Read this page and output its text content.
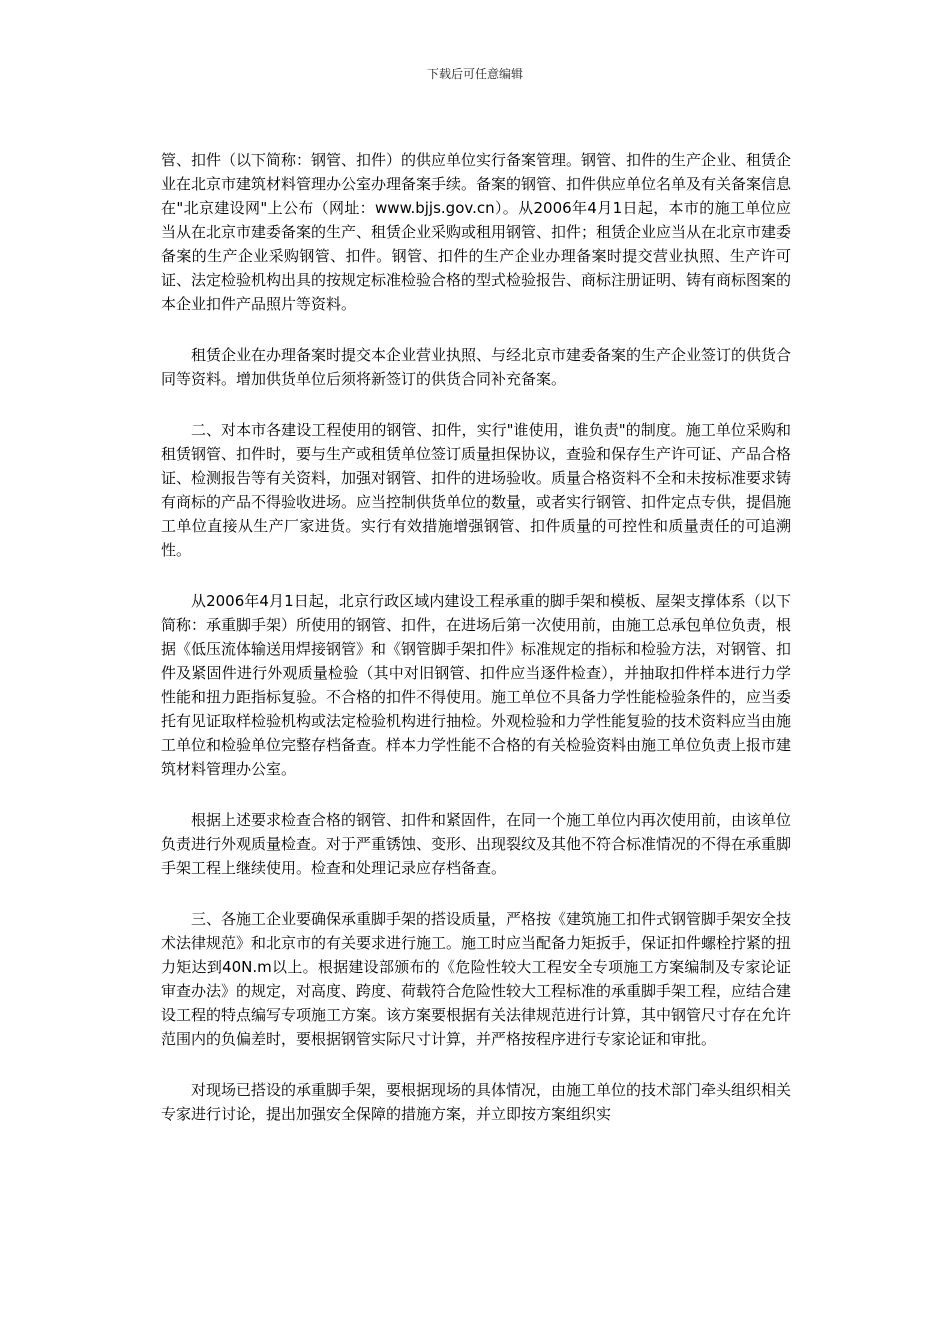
下载后可任意编辑

管、扣件（以下简称：钢管、扣件）的供应单位实行备案管理。钢管、扣件的生产企业、租赁企业在北京市建筑材料管理办公室办理备案手续。备案的钢管、扣件供应单位名单及有关备案信息在"北京建设网"上公布（网址：www.bjjs.gov.cn）。从2006年4月1日起，本市的施工单位应当从在北京市建委备案的生产、租赁企业采购或租用钢管、扣件；租赁企业应当从在北京市建委备案的生产企业采购钢管、扣件。钢管、扣件的生产企业办理备案时提交营业执照、生产许可证、法定检验机构出具的按规定标准检验合格的型式检验报告、商标注册证明、铸有商标图案的本企业扣件产品照片等资料。

租赁企业在办理备案时提交本企业营业执照、与经北京市建委备案的生产企业签订的供货合同等资料。增加供货单位后须将新签订的供货合同补充备案。

二、对本市各建设工程使用的钢管、扣件，实行"谁使用，谁负责"的制度。施工单位采购和租赁钢管、扣件时，要与生产或租赁单位签订质量担保协议，查验和保存生产许可证、产品合格证、检测报告等有关资料，加强对钢管、扣件的进场验收。质量合格资料不全和未按标准要求铸有商标的产品不得验收进场。应当控制供货单位的数量，或者实行钢管、扣件定点专供，提倡施工单位直接从生产厂家进货。实行有效措施增强钢管、扣件质量的可控性和质量责任的可追溯性。

从2006年4月1日起，北京行政区域内建设工程承重的脚手架和模板、屋架支撑体系（以下简称：承重脚手架）所使用的钢管、扣件，在进场后第一次使用前，由施工总承包单位负责，根据《低压流体输送用焊接钢管》和《钢管脚手架扣件》标准规定的指标和检验方法，对钢管、扣件及紧固件进行外观质量检验（其中对旧钢管、扣件应当逐件检查），并抽取扣件样本进行力学性能和扭力距指标复验。不合格的扣件不得使用。施工单位不具备力学性能检验条件的，应当委托有见证取样检验机构或法定检验机构进行抽检。外观检验和力学性能复验的技术资料应当由施工单位和检验单位完整存档备查。样本力学性能不合格的有关检验资料由施工单位负责上报市建筑材料管理办公室。

根据上述要求检查合格的钢管、扣件和紧固件，在同一个施工单位内再次使用前，由该单位负责进行外观质量检查。对于严重锈蚀、变形、出现裂纹及其他不符合标准情况的不得在承重脚手架工程上继续使用。检查和处理记录应存档备查。

三、各施工企业要确保承重脚手架的搭设质量，严格按《建筑施工扣件式钢管脚手架安全技术法律规范》和北京市的有关要求进行施工。施工时应当配备力矩扳手，保证扣件螺栓拧紧的扭力矩达到40N.m以上。根据建设部颁布的《危险性较大工程安全专项施工方案编制及专家论证审查办法》的规定，对高度、跨度、荷载符合危险性较大工程标准的承重脚手架工程，应结合建设工程的特点编写专项施工方案。该方案要根据有关法律规范进行计算，其中钢管尺寸存在允许范围内的负偏差时，要根据钢管实际尺寸计算，并严格按程序进行专家论证和审批。

对现场已搭设的承重脚手架，要根据现场的具体情况，由施工单位的技术部门牵头组织相关专家进行讨论，提出加强安全保障的措施方案，并立即按方案组织实
